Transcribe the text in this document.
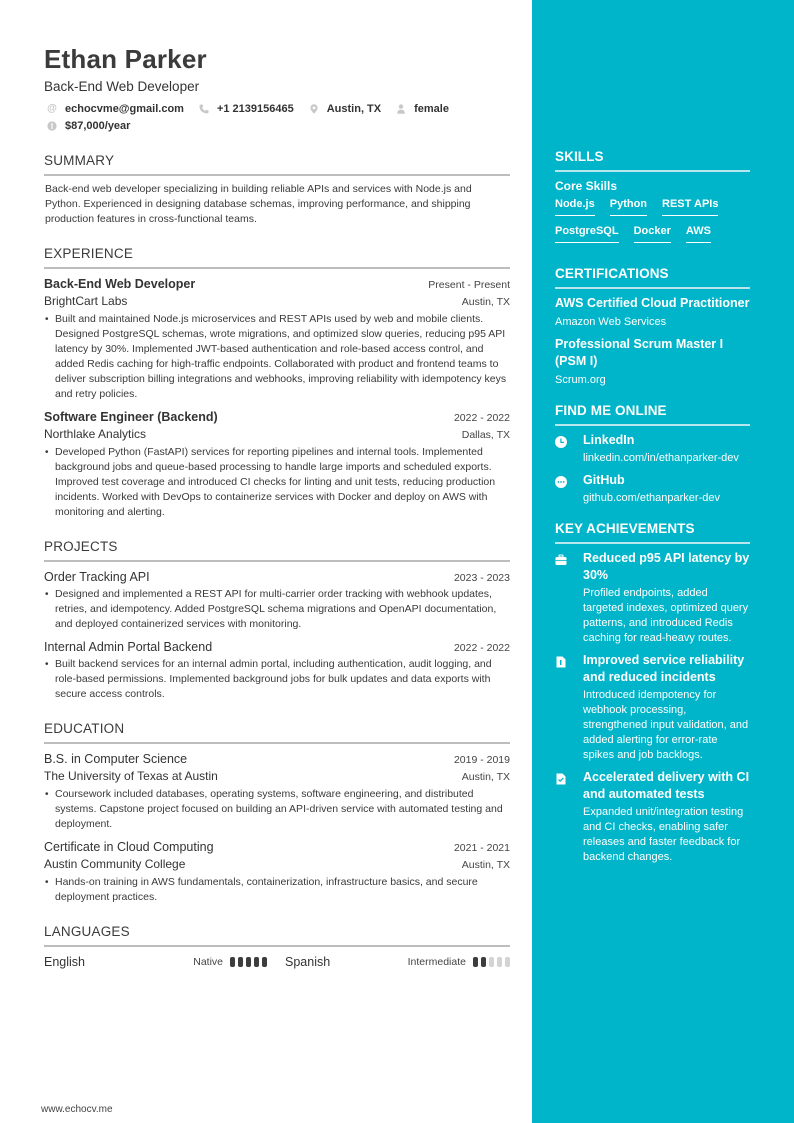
Ethan Parker
Back-End Web Developer
@ echocvme@gmail.com	+1 2139156465	Austin, TX	female
$87,000/year
SUMMARY
Back-end web developer specializing in building reliable APIs and services with Node.js and Python. Experienced in designing database schemas, improving performance, and shipping production features in cross-functional teams.
EXPERIENCE
Back-End Web Developer	Present - Present
BrightCart Labs	Austin, TX
• Built and maintained Node.js microservices and REST APIs used by web and mobile clients. Designed PostgreSQL schemas, wrote migrations, and optimized slow queries, reducing p95 API latency by 30%. Implemented JWT-based authentication and role-based access control, and added Redis caching for high-traffic endpoints. Collaborated with product and frontend teams to deliver subscription billing integrations and webhooks, improving reliability with idempotency keys and retry policies.
Software Engineer (Backend)	2022 - 2022
Northlake Analytics	Dallas, TX
• Developed Python (FastAPI) services for reporting pipelines and internal tools. Implemented background jobs and queue-based processing to handle large imports and scheduled exports. Improved test coverage and introduced CI checks for linting and unit tests, reducing production incidents. Worked with DevOps to containerize services with Docker and deploy on AWS with monitoring and alerting.
PROJECTS
Order Tracking API	2023 - 2023
• Designed and implemented a REST API for multi-carrier order tracking with webhook updates, retries, and idempotency. Added PostgreSQL schema migrations and OpenAPI documentation, and deployed containerized services with monitoring.
Internal Admin Portal Backend	2022 - 2022
• Built backend services for an internal admin portal, including authentication, audit logging, and role-based permissions. Implemented background jobs for bulk updates and data exports with secure access controls.
EDUCATION
B.S. in Computer Science	2019 - 2019
The University of Texas at Austin	Austin, TX
• Coursework included databases, operating systems, software engineering, and distributed systems. Capstone project focused on building an API-driven service with automated testing and deployment.
Certificate in Cloud Computing	2021 - 2021
Austin Community College	Austin, TX
• Hands-on training in AWS fundamentals, containerization, infrastructure basics, and secure deployment practices.
LANGUAGES
English	Native	Spanish	Intermediate
www.echocv.me
SKILLS
Core Skills
Node.js Python REST APIs
PostgreSQL Docker AWS
CERTIFICATIONS
AWS Certified Cloud Practitioner
Amazon Web Services
Professional Scrum Master I (PSM I)
Scrum.org
FIND ME ONLINE
LinkedIn
linkedin.com/in/ethanparker-dev
GitHub
github.com/ethanparker-dev
KEY ACHIEVEMENTS
Reduced p95 API latency by 30%
Profiled endpoints, added targeted indexes, optimized query patterns, and introduced Redis caching for read-heavy routes.
Improved service reliability and reduced incidents
Introduced idempotency for webhook processing, strengthened input validation, and added alerting for error-rate spikes and job backlogs.
Accelerated delivery with CI and automated tests
Expanded unit/integration testing and CI checks, enabling safer releases and faster feedback for backend changes.
